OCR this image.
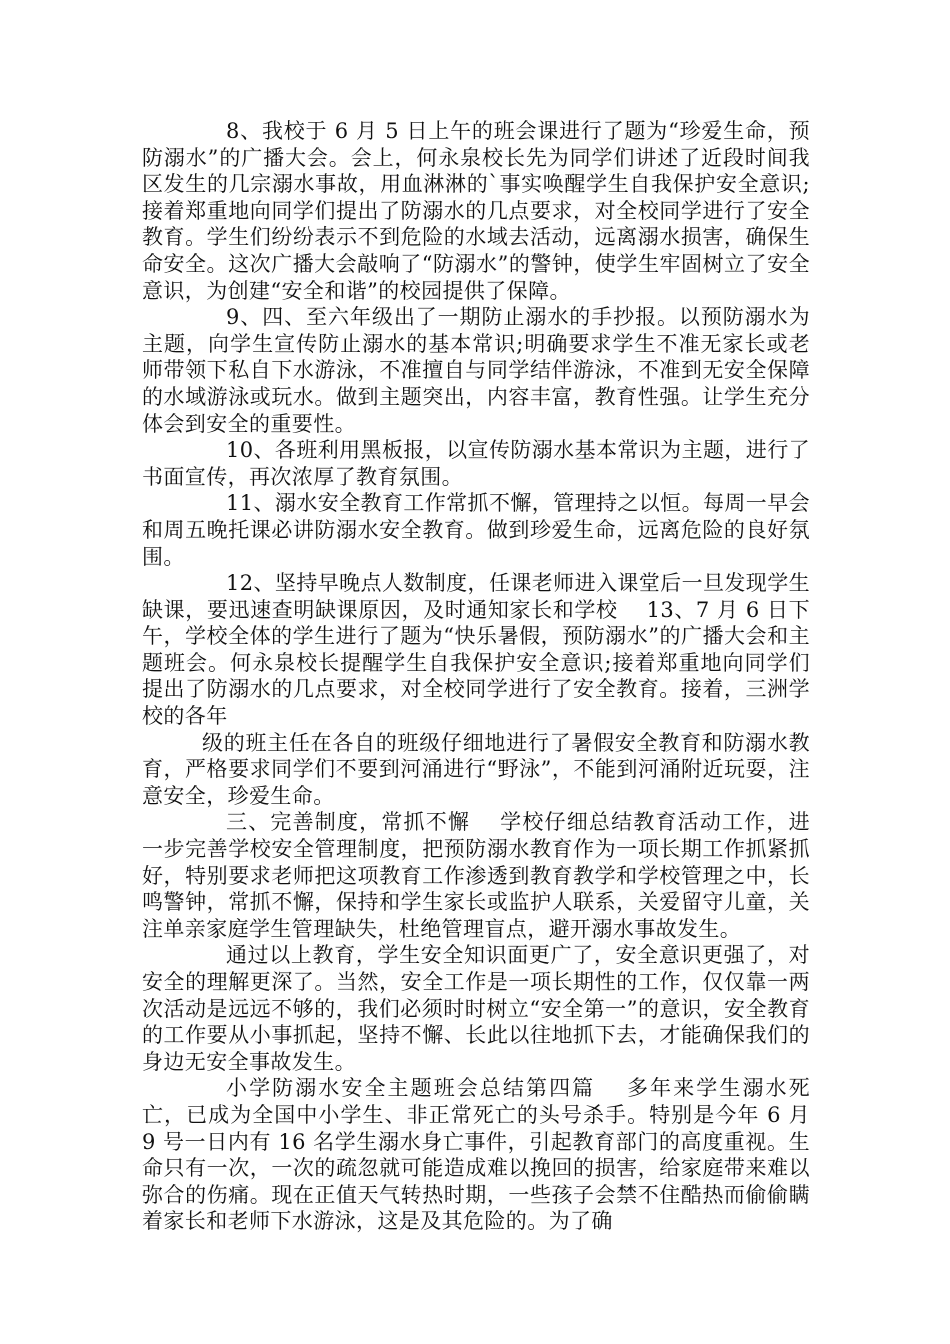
8、我校于 6 月 5 日上午的班会课进行了题为“珍爱生命，预防溺水”的广播大会。会上，何永泉校长先为同学们讲述了近段时间我区发生的几宗溺水事故，用血淋淋的`事实唤醒学生自我保护安全意识;接着郑重地向同学们提出了防溺水的几点要求，对全校同学进行了安全教育。学生们纷纷表示不到危险的水域去活动，远离溺水损害，确保生命安全。这次广播大会敲响了“防溺水”的警钟，使学生牢固树立了安全意识，为创建“安全和谐”的校园提供了保障。

9、四、至六年级出了一期防止溺水的手抄报。以预防溺水为主题，向学生宣传防止溺水的基本常识;明确要求学生不准无家长或老师带领下私自下水游泳，不准擅自与同学结伴游泳，不准到无安全保障的水域游泳或玩水。做到主题突出，内容丰富，教育性强。让学生充分体会到安全的重要性。

10、各班利用黑板报，以宣传防溺水基本常识为主题，进行了书面宣传，再次浓厚了教育氛围。

11、溺水安全教育工作常抓不懈，管理持之以恒。每周一早会和周五晚托课必讲防溺水安全教育。做到珍爱生命，远离危险的良好氛围。

12、坚持早晚点人数制度，任课老师进入课堂后一旦发现学生缺课，要迅速查明缺课原因，及时通知家长和学校　 13、7 月 6 日下午，学校全体的学生进行了题为“快乐暑假，预防溺水”的广播大会和主题班会。何永泉校长提醒学生自我保护安全意识;接着郑重地向同学们提出了防溺水的几点要求，对全校同学进行了安全教育。接着，三洲学校的各年

级的班主任在各自的班级仔细地进行了暑假安全教育和防溺水教育，严格要求同学们不要到河涌进行“野泳”，不能到河涌附近玩耍，注意安全，珍爱生命。

三、完善制度，常抓不懈　 学校仔细总结教育活动工作，进一步完善学校安全管理制度，把预防溺水教育作为一项长期工作抓紧抓好，特别要求老师把这项教育工作渗透到教育教学和学校管理之中，长鸣警钟，常抓不懈，保持和学生家长或监护人联系，关爱留守儿童，关注单亲家庭学生管理缺失，杜绝管理盲点，避开溺水事故发生。

通过以上教育，学生安全知识面更广了，安全意识更强了，对安全的理解更深了。当然，安全工作是一项长期性的工作，仅仅靠一两次活动是远远不够的，我们必须时时树立“安全第一”的意识，安全教育的工作要从小事抓起，坚持不懈、长此以往地抓下去，才能确保我们的身边无安全事故发生。

小学防溺水安全主题班会总结第四篇　 多年来学生溺水死亡，已成为全国中小学生、非正常死亡的头号杀手。特别是今年 6 月 9 号一日内有 16 名学生溺水身亡事件，引起教育部门的高度重视。生命只有一次，一次的疏忽就可能造成难以挽回的损害，给家庭带来难以弥合的伤痛。现在正值天气转热时期，一些孩子会禁不住酷热而偷偷瞒着家长和老师下水游泳，这是及其危险的。为了确
